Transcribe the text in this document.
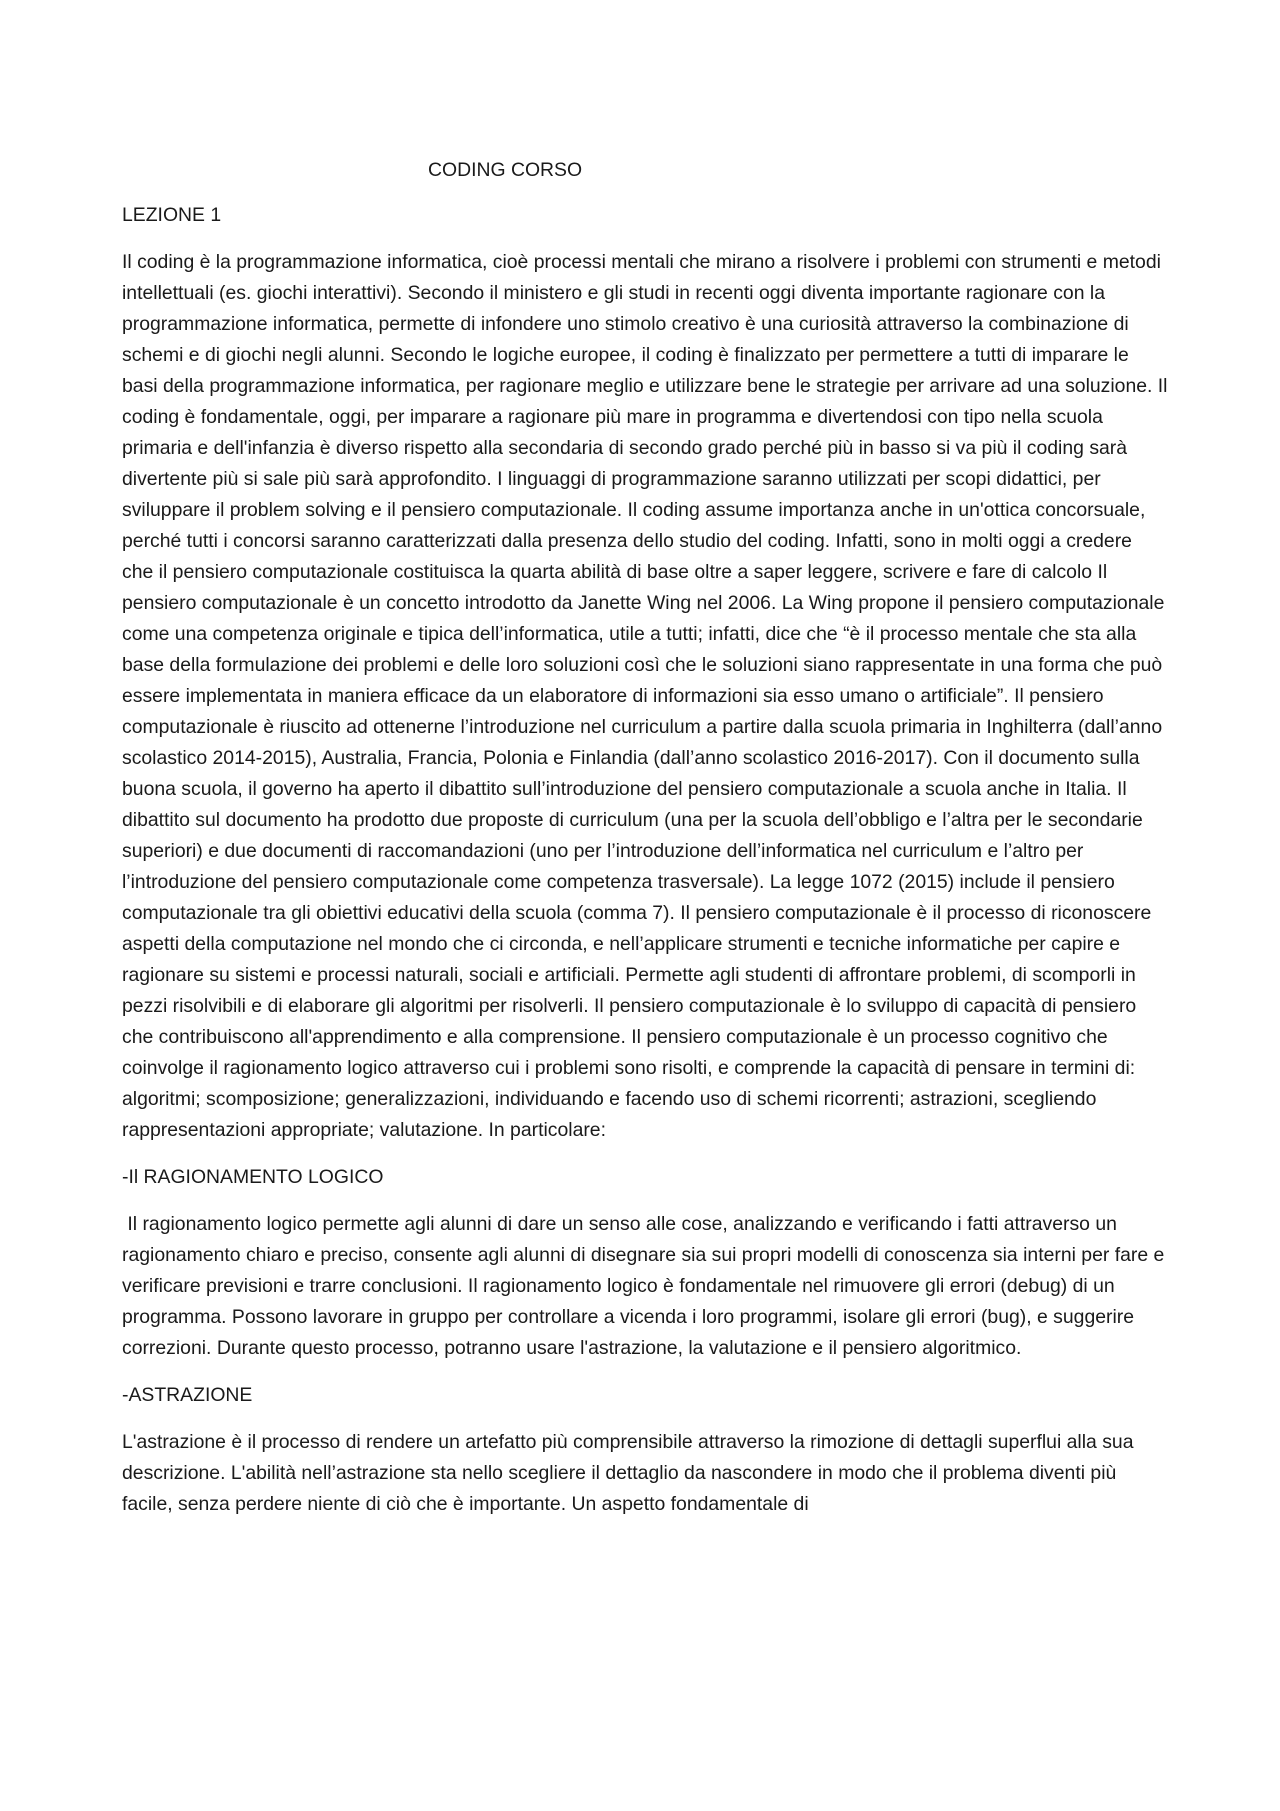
CODING CORSO
LEZIONE 1

Il coding è la programmazione informatica, cioè processi mentali che mirano a risolvere i problemi con strumenti e metodi intellettuali (es. giochi interattivi). Secondo il ministero e gli studi in recenti oggi diventa importante ragionare con la programmazione informatica, permette di infondere uno stimolo creativo è una curiosità attraverso la combinazione di schemi e di giochi negli alunni. Secondo le logiche europee, il coding è finalizzato per permettere a tutti di imparare le basi della programmazione informatica, per ragionare meglio e utilizzare bene le strategie per arrivare ad una soluzione. Il coding è fondamentale, oggi, per imparare a ragionare più mare in programma e divertendosi con tipo nella scuola primaria e dell'infanzia è diverso rispetto alla secondaria di secondo grado perché più in basso si va più il coding sarà divertente più si sale più sarà approfondito. I linguaggi di programmazione saranno utilizzati per scopi didattici, per sviluppare il problem solving e il pensiero computazionale. Il coding assume importanza anche in un'ottica concorsuale, perché tutti i concorsi saranno caratterizzati dalla presenza dello studio del coding. Infatti, sono in molti oggi a credere che il pensiero computazionale costituisca la quarta abilità di base oltre a saper leggere, scrivere e fare di calcolo Il pensiero computazionale è un concetto introdotto da Janette Wing nel 2006. La Wing propone il pensiero computazionale come una competenza originale e tipica dell’informatica, utile a tutti; infatti, dice che “è il processo mentale che sta alla base della formulazione dei problemi e delle loro soluzioni così che le soluzioni siano rappresentate in una forma che può essere implementata in maniera efficace da un elaboratore di informazioni sia esso umano o artificiale”. Il pensiero computazionale è riuscito ad ottenerne l’introduzione nel curriculum a partire dalla scuola primaria in Inghilterra (dall’anno scolastico 2014-2015), Australia, Francia, Polonia e Finlandia (dall’anno scolastico 2016-2017). Con il documento sulla buona scuola, il governo ha aperto il dibattito sull’introduzione del pensiero computazionale a scuola anche in Italia. Il dibattito sul documento ha prodotto due proposte di curriculum (una per la scuola dell’obbligo e l’altra per le secondarie superiori) e due documenti di raccomandazioni (uno per l’introduzione dell’informatica nel curriculum e l’altro per l’introduzione del pensiero computazionale come competenza trasversale). La legge 1072 (2015) include il pensiero computazionale tra gli obiettivi educativi della scuola (comma 7). Il pensiero computazionale è il processo di riconoscere aspetti della computazione nel mondo che ci circonda, e nell’applicare strumenti e tecniche informatiche per capire e ragionare su sistemi e processi naturali, sociali e artificiali. Permette agli studenti di affrontare problemi, di scomporli in pezzi risolvibili e di elaborare gli algoritmi per risolverli. Il pensiero computazionale è lo sviluppo di capacità di pensiero che contribuiscono all'apprendimento e alla comprensione. Il pensiero computazionale è un processo cognitivo che coinvolge il ragionamento logico attraverso cui i problemi sono risolti, e comprende la capacità di pensare in termini di: algoritmi; scomposizione; generalizzazioni, individuando e facendo uso di schemi ricorrenti; astrazioni, scegliendo rappresentazioni appropriate; valutazione. In particolare:

-Il RAGIONAMENTO LOGICO

Il ragionamento logico permette agli alunni di dare un senso alle cose, analizzando e verificando i fatti attraverso un ragionamento chiaro e preciso, consente agli alunni di disegnare sia sui propri modelli di conoscenza sia interni per fare e verificare previsioni e trarre conclusioni. Il ragionamento logico è fondamentale nel rimuovere gli errori (debug) di un programma. Possono lavorare in gruppo per controllare a vicenda i loro programmi, isolare gli errori (bug), e suggerire correzioni. Durante questo processo, potranno usare l'astrazione, la valutazione e il pensiero algoritmico.

-ASTRAZIONE

L'astrazione è il processo di rendere un artefatto più comprensibile attraverso la rimozione di dettagli superflui alla sua descrizione. L'abilità nell’astrazione sta nello scegliere il dettaglio da nascondere in modo che il problema diventi più facile, senza perdere niente di ciò che è importante. Un aspetto fondamentale di
